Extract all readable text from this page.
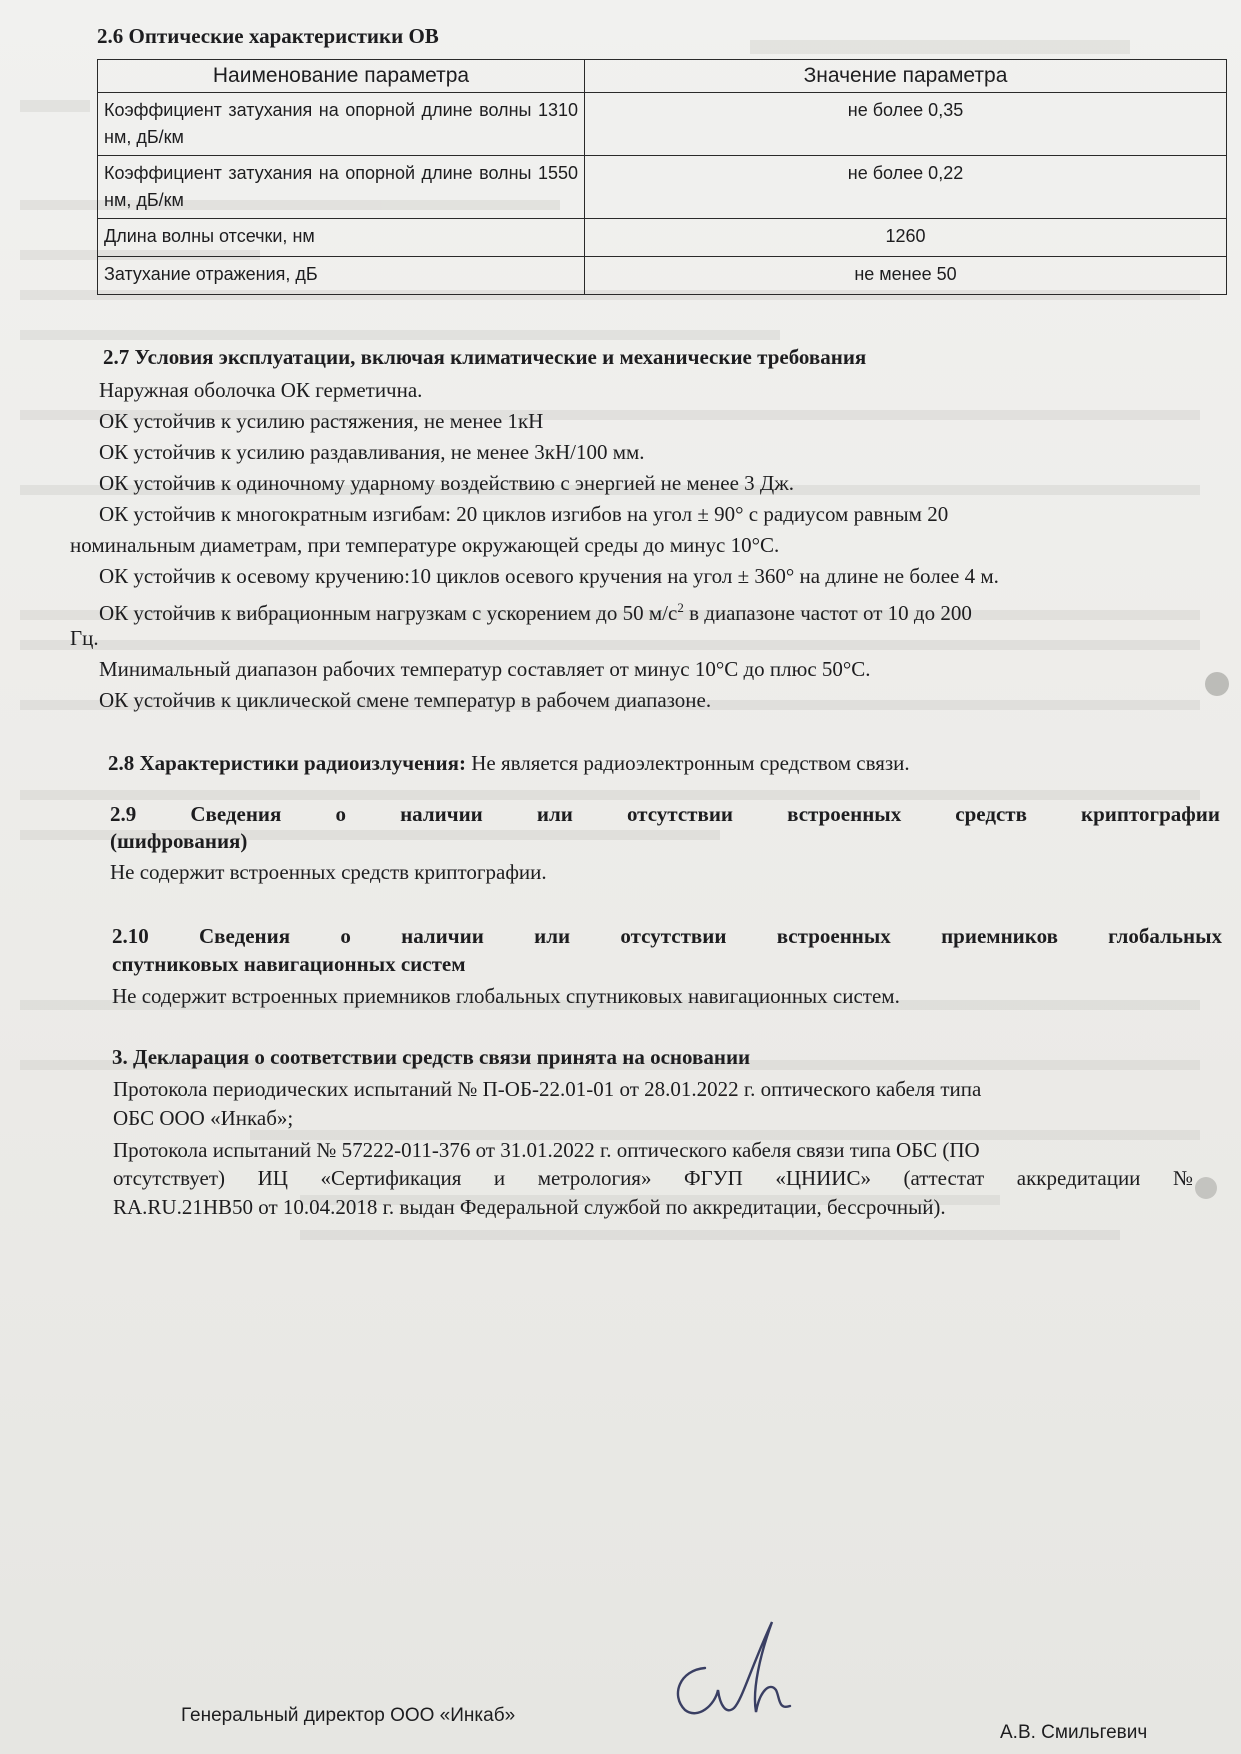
2.6 Оптические характеристики ОВ
Наименование параметра	Значение параметра
Коэффициент затухания на опорной длине волны 1310 нм, дБ/км	не более 0,35
Коэффициент затухания на опорной длине волны 1550 нм, дБ/км	не более 0,22
Длина волны отсечки, нм	1260
Затухание отражения, дБ	не менее 50
2.7 Условия эксплуатации, включая климатические и механические требования
Наружная оболочка ОК герметична.
ОК устойчив к усилию растяжения, не менее 1кН
ОК устойчив к усилию раздавливания, не менее 3кН/100 мм.
ОК устойчив к одиночному ударному воздействию с энергией не менее 3 Дж.
ОК устойчив к многократным изгибам: 20 циклов изгибов на угол ± 90° с радиусом равным 20
номинальным диаметрам, при температуре окружающей среды до минус 10°С.
ОК устойчив к осевому кручению:10 циклов осевого кручения на угол ± 360° на длине не более 4 м.
ОК устойчив к вибрационным нагрузкам с ускорением до 50 $м/с^2$ в диапазоне частот от 10 до 200
Гц.
Минимальный диапазон рабочих температур составляет от минус 10°С до плюс 50°С.
ОК устойчив к циклической смене температур в рабочем диапазоне.
2.8 Характеристики радиоизлучения: Не является радиоэлектронным средством связи.
2.9 Сведения о наличии или отсутствии встроенных средств криптографии
(шифрования)
Не содержит встроенных средств криптографии.
2.10 Сведения о наличии или отсутствии встроенных приемников глобальных
спутниковых навигационных систем
Не содержит встроенных приемников глобальных спутниковых навигационных систем.
3. Декларация о соответствии средств связи принята на основании
Протокола периодических испытаний № П-ОБ-22.01-01 от 28.01.2022 г. оптического кабеля типа
ОБС ООО «Инкаб»;
Протокола испытаний № 57222-011-376 от 31.01.2022 г. оптического кабеля связи типа ОБС (ПО
отсутствует) ИЦ «Сертификация и метрология» ФГУП «ЦНИИС» (аттестат аккредитации №
RA.RU.21НВ50 от 10.04.2018 г. выдан Федеральной службой по аккредитации, бессрочный).
Генеральный директор ООО «Инкаб»
А.В. Смильгевич
